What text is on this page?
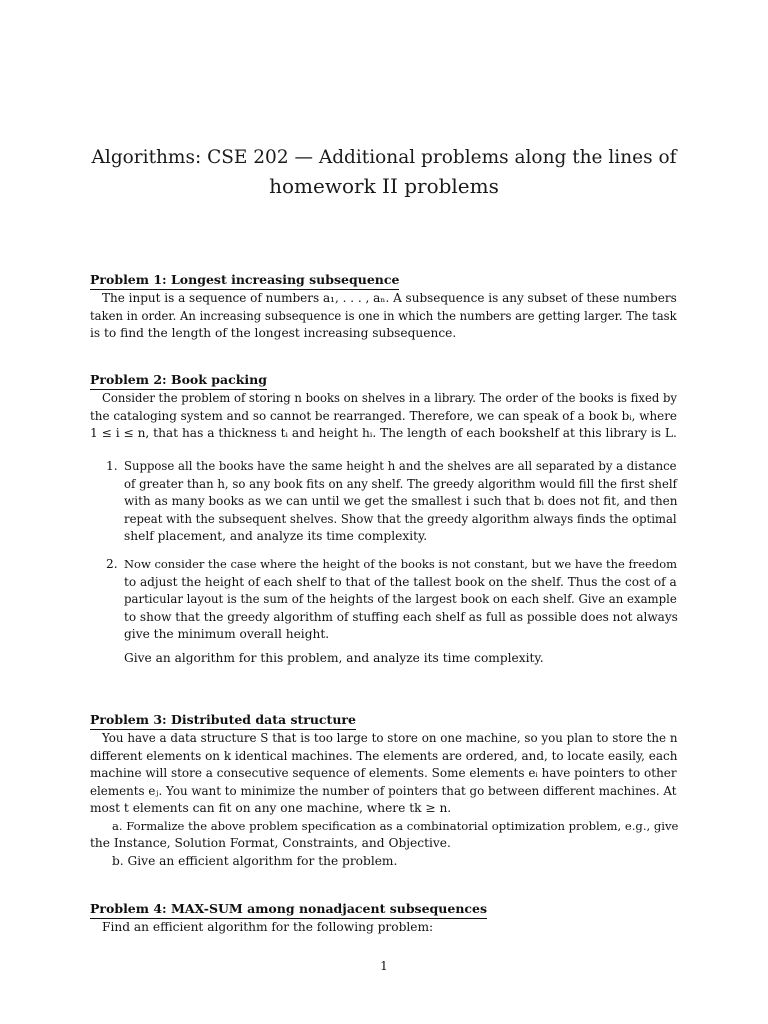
Algorithms: CSE 202 — Additional problems along the lines of
homework II problems
Problem 1: Longest increasing subsequence
The input is a sequence of numbers a₁, . . . , aₙ. A subsequence is any subset of these numbers
taken in order. An increasing subsequence is one in which the numbers are getting larger. The task
is to find the length of the longest increasing subsequence.
Problem 2: Book packing
Consider the problem of storing n books on shelves in a library. The order of the books is fixed by
the cataloging system and so cannot be rearranged. Therefore, we can speak of a book bᵢ, where
1 ≤ i ≤ n, that has a thickness tᵢ and height hᵢ. The length of each bookshelf at this library is L.
1. Suppose all the books have the same height h and the shelves are all separated by a distance
of greater than h, so any book fits on any shelf. The greedy algorithm would fill the first shelf
with as many books as we can until we get the smallest i such that bᵢ does not fit, and then
repeat with the subsequent shelves. Show that the greedy algorithm always finds the optimal
shelf placement, and analyze its time complexity.
2. Now consider the case where the height of the books is not constant, but we have the freedom
to adjust the height of each shelf to that of the tallest book on the shelf. Thus the cost of a
particular layout is the sum of the heights of the largest book on each shelf. Give an example
to show that the greedy algorithm of stuffing each shelf as full as possible does not always
give the minimum overall height.
Give an algorithm for this problem, and analyze its time complexity.
Problem 3: Distributed data structure
You have a data structure S that is too large to store on one machine, so you plan to store the n
different elements on k identical machines. The elements are ordered, and, to locate easily, each
machine will store a consecutive sequence of elements. Some elements eᵢ have pointers to other
elements eⱼ. You want to minimize the number of pointers that go between different machines. At
most t elements can fit on any one machine, where tk ≥ n.
a. Formalize the above problem specification as a combinatorial optimization problem, e.g., give
the Instance, Solution Format, Constraints, and Objective.
b. Give an efficient algorithm for the problem.
Problem 4: MAX-SUM among nonadjacent subsequences
Find an efficient algorithm for the following problem:
1
